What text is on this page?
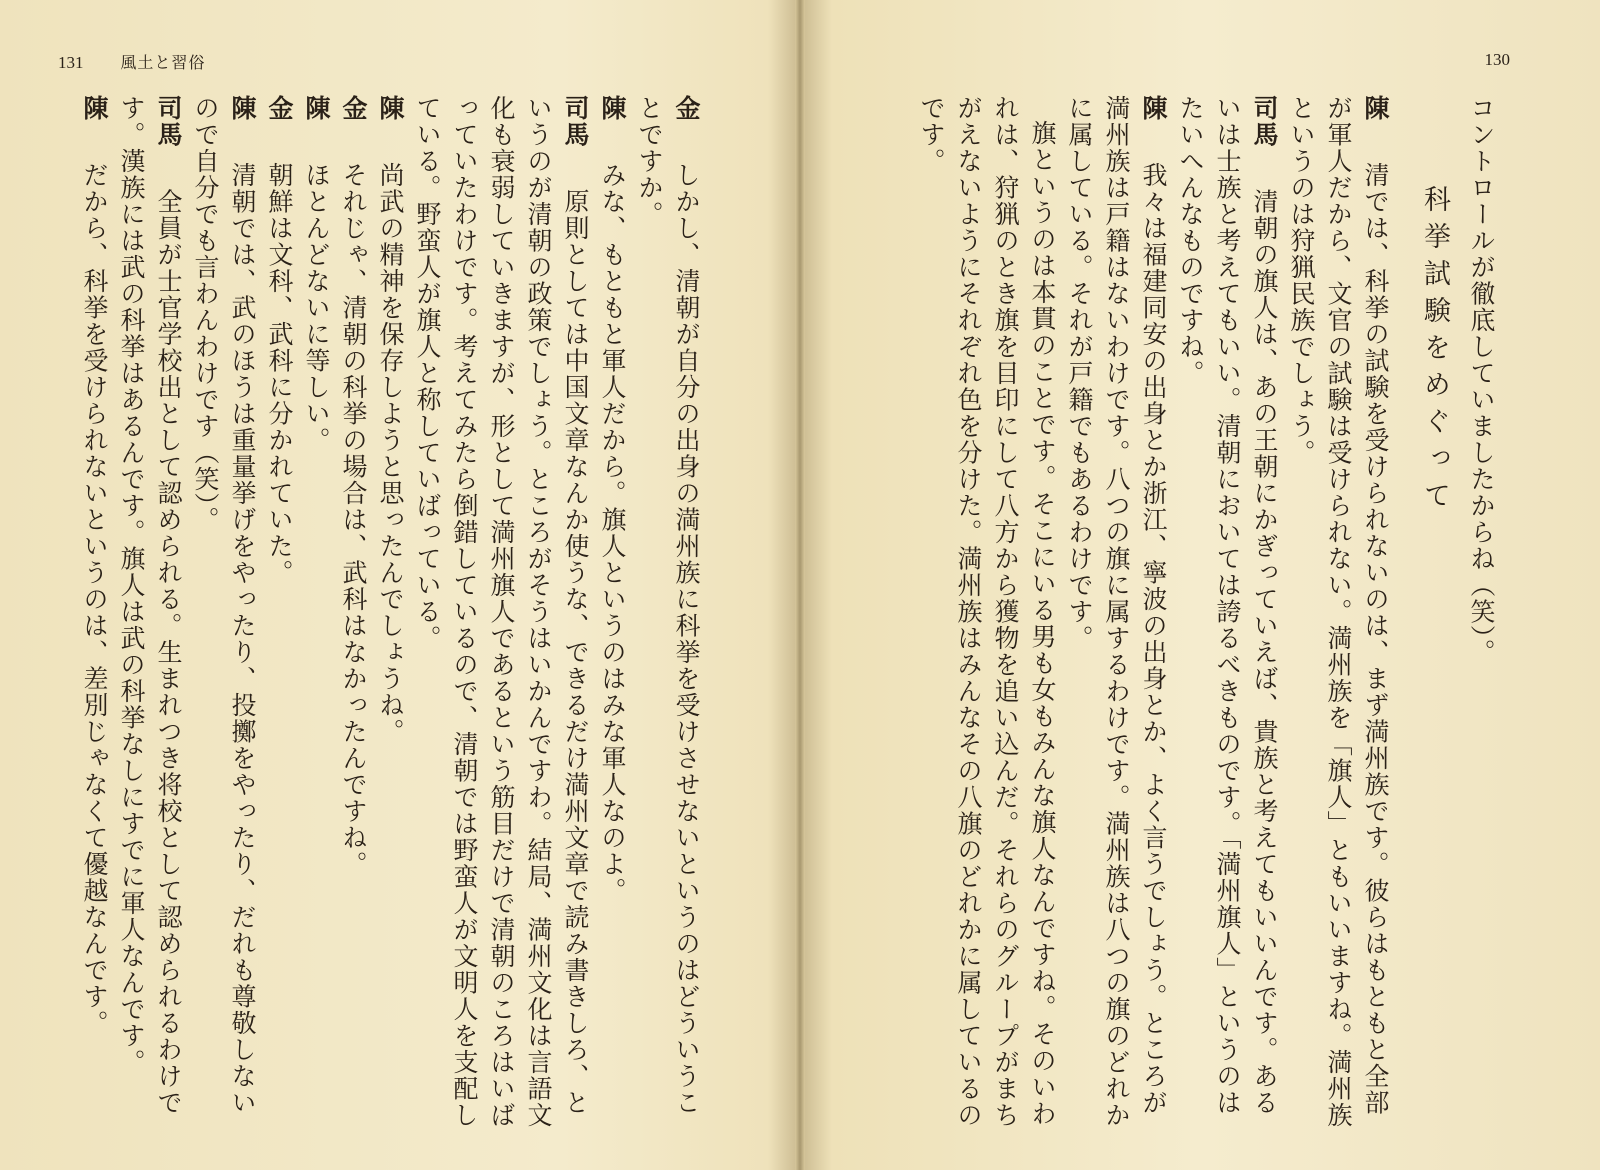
131 風土と習俗

金　しかし、清朝が自分の出身の満州族に科挙を受けさせないというのはどういうことですか。

陳　みな、もともと軍人だから。旗人というのはみな軍人なのよ。

司馬　原則としては中国文章なんか使うな、できるだけ満州文章で読み書きしろ、というのが清朝の政策でしょう。ところがそうはいかんですわ。結局、満州文化は言語文化も衰弱していきますが、形として満州旗人であるという筋目だけで清朝のころはいばっていたわけです。考えてみたら倒錯しているので、清朝では野蛮人が文明人を支配している。野蛮人が旗人と称していばっている。

陳　尚武の精神を保存しようと思ったんでしょうね。

金　それじゃ、清朝の科挙の場合は、武科はなかったんですね。

陳　ほとんどないに等しい。

金　朝鮮は文科、武科に分かれていた。

陳　清朝では、武のほうは重量挙げをやったり、投擲をやったり、だれも尊敬しないので自分でも言わんわけです（笑）。

司馬　全員が士官学校出として認められる。生まれつき将校として認められるわけです。漢族には武の科挙はあるんです。旗人は武の科挙なしにすでに軍人なんです。

陳　だから、科挙を受けられないというのは、差別じゃなくて優越なんです。

130

コントロールが徹底していましたからね（笑）。

科挙試験をめぐって

陳　清では、科挙の試験を受けられないのは、まず満州族です。彼らはもともと全部が軍人だから、文官の試験は受けられない。満州族を「旗人」ともいいますね。満州族というのは狩猟民族でしょう。

司馬　清朝の旗人は、あの王朝にかぎっていえば、貴族と考えてもいいんです。あるいは士族と考えてもいい。清朝においては誇るべきものです。「満州旗人」というのはたいへんなものですね。

陳　我々は福建同安の出身とか浙江、寧波の出身とか、よく言うでしょう。ところが満州族は戸籍はないわけです。八つの旗に属するわけです。満州族は八つの旗のどれかに属している。それが戸籍でもあるわけです。

旗というのは本貫のことです。そこにいる男も女もみんな旗人なんですね。そのいわれは、狩猟のとき旗を目印にして八方から獲物を追い込んだ。それらのグループがまちがえないようにそれぞれ色を分けた。満州族はみんなその八旗のどれかに属しているのです。
